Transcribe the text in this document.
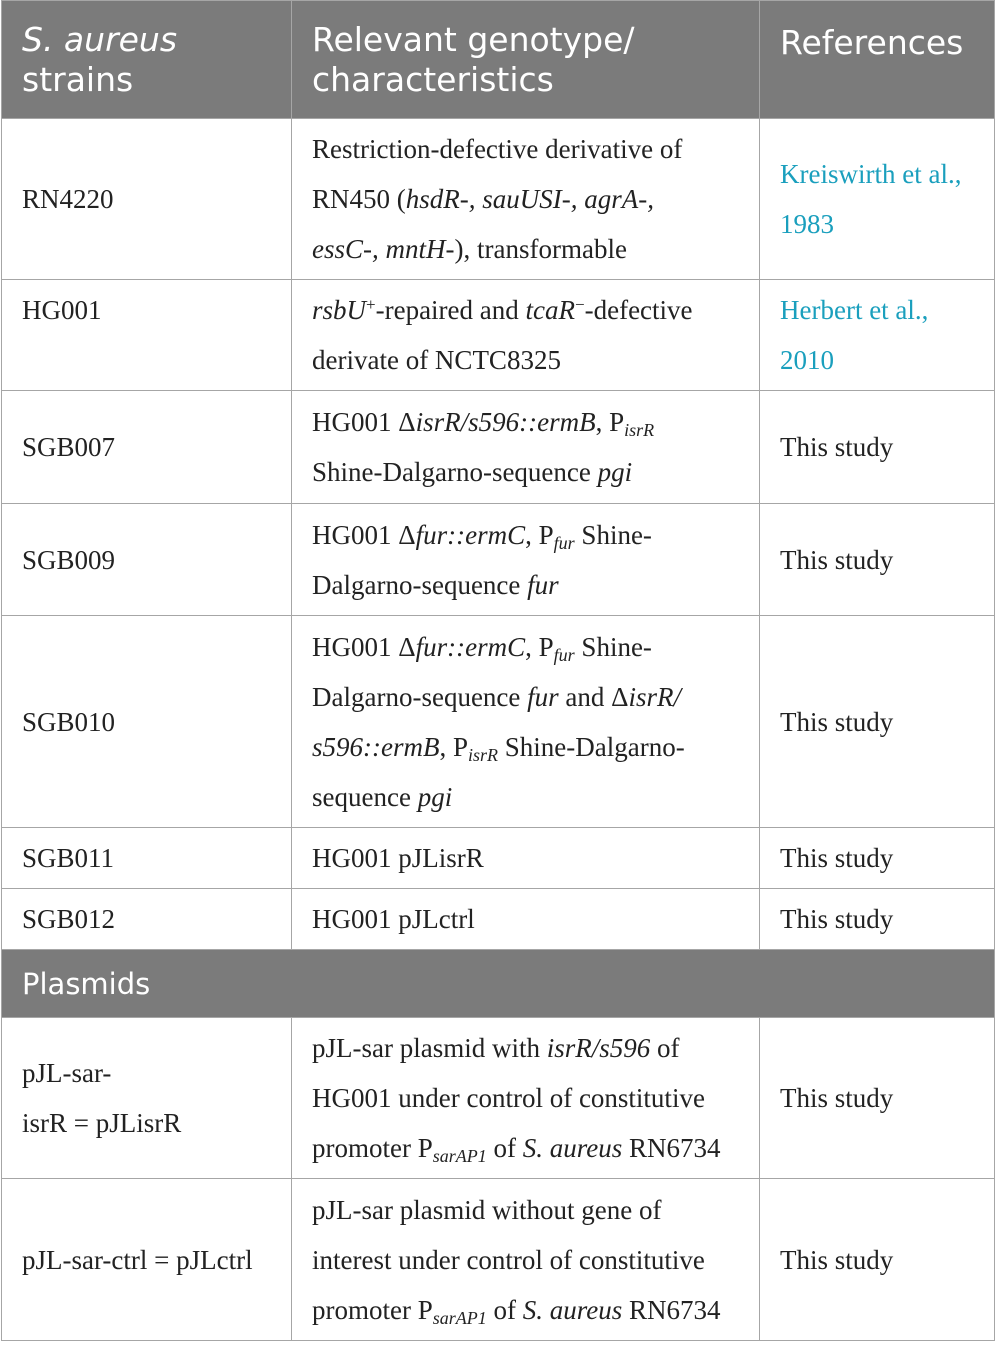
S. aureus
strains	Relevant genotype/
characteristics	References
RN4220	Restriction-defective derivative of
RN450 (hsdR-, sauUSI-, agrA-,
essC-, mntH-), transformable	Kreiswirth et al.,
1983
HG001	rsbU+-repaired and tcaR−-defective
derivate of NCTC8325	Herbert et al.,
2010
SGB007	HG001 ΔisrR/s596::ermB, $P_{isrR}$
Shine-Dalgarno-sequence pgi	This study
SGB009	HG001 Δfur::ermC, $P_{fur}$ Shine-
Dalgarno-sequence fur	This study
SGB010	HG001 Δfur::ermC, $P_{fur}$ Shine-
Dalgarno-sequence fur and ΔisrR/
s596::ermB, $P_{isrR}$ Shine-Dalgarno-
sequence pgi	This study
SGB011	HG001 pJLisrR	This study
SGB012	HG001 pJLctrl	This study
Plasmids		
pJL-sar-
isrR = pJLisrR	pJL-sar plasmid with isrR/s596 of
HG001 under control of constitutive
promoter $P_{sarAP1}$ of S. aureus RN6734	This study
pJL-sar-ctrl = pJLctrl	pJL-sar plasmid without gene of
interest under control of constitutive
promoter $P_{sarAP1}$ of S. aureus RN6734	This study
